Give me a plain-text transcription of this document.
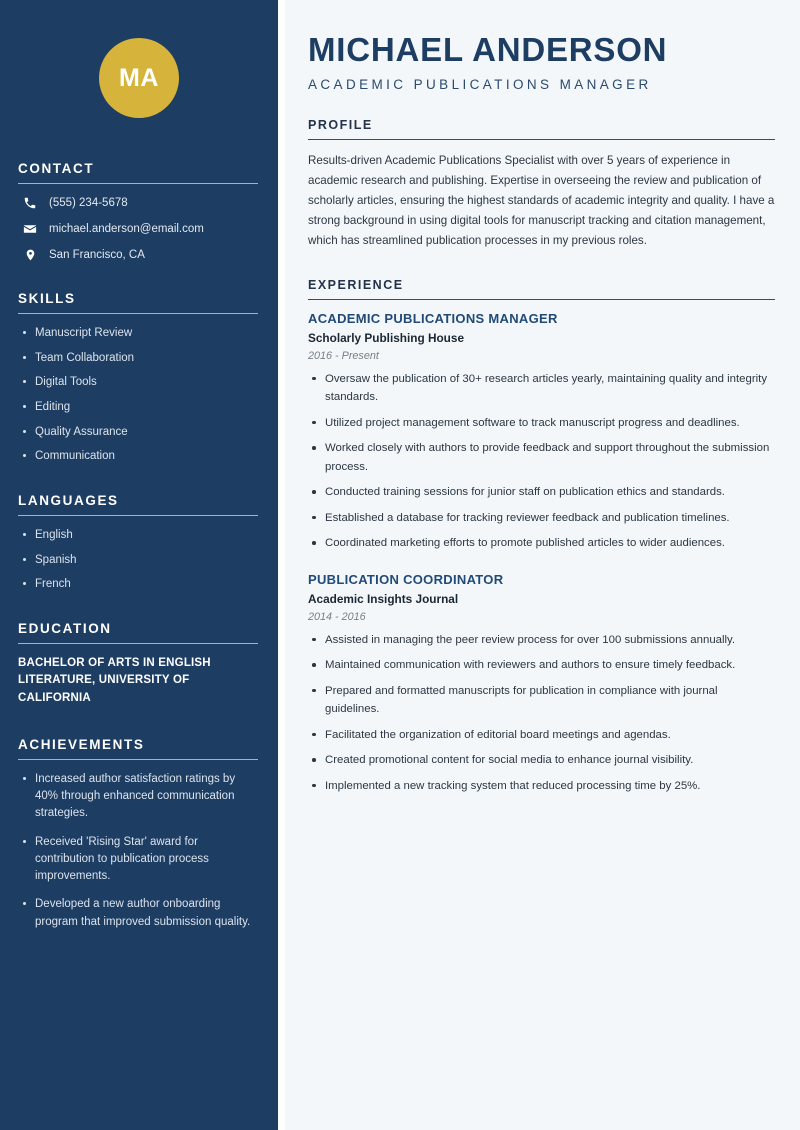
MA
CONTACT
(555) 234-5678
michael.anderson@email.com
San Francisco, CA
SKILLS
Manuscript Review
Team Collaboration
Digital Tools
Editing
Quality Assurance
Communication
LANGUAGES
English
Spanish
French
EDUCATION
BACHELOR OF ARTS IN ENGLISH LITERATURE, UNIVERSITY OF CALIFORNIA
ACHIEVEMENTS
Increased author satisfaction ratings by 40% through enhanced communication strategies.
Received 'Rising Star' award for contribution to publication process improvements.
Developed a new author onboarding program that improved submission quality.
MICHAEL ANDERSON
ACADEMIC PUBLICATIONS MANAGER
PROFILE

Results-driven Academic Publications Specialist with over 5 years of experience in academic research and publishing. Expertise in overseeing the review and publication of scholarly articles, ensuring the highest standards of academic integrity and quality. I have a strong background in using digital tools for manuscript tracking and citation management, which has streamlined publication processes in my previous roles.

EXPERIENCE
ACADEMIC PUBLICATIONS MANAGER
Scholarly Publishing House
2016 - Present
Oversaw the publication of 30+ research articles yearly, maintaining quality and integrity standards.
Utilized project management software to track manuscript progress and deadlines.
Worked closely with authors to provide feedback and support throughout the submission process.
Conducted training sessions for junior staff on publication ethics and standards.
Established a database for tracking reviewer feedback and publication timelines.
Coordinated marketing efforts to promote published articles to wider audiences.
PUBLICATION COORDINATOR
Academic Insights Journal
2014 - 2016
Assisted in managing the peer review process for over 100 submissions annually.
Maintained communication with reviewers and authors to ensure timely feedback.
Prepared and formatted manuscripts for publication in compliance with journal guidelines.
Facilitated the organization of editorial board meetings and agendas.
Created promotional content for social media to enhance journal visibility.
Implemented a new tracking system that reduced processing time by 25%.
